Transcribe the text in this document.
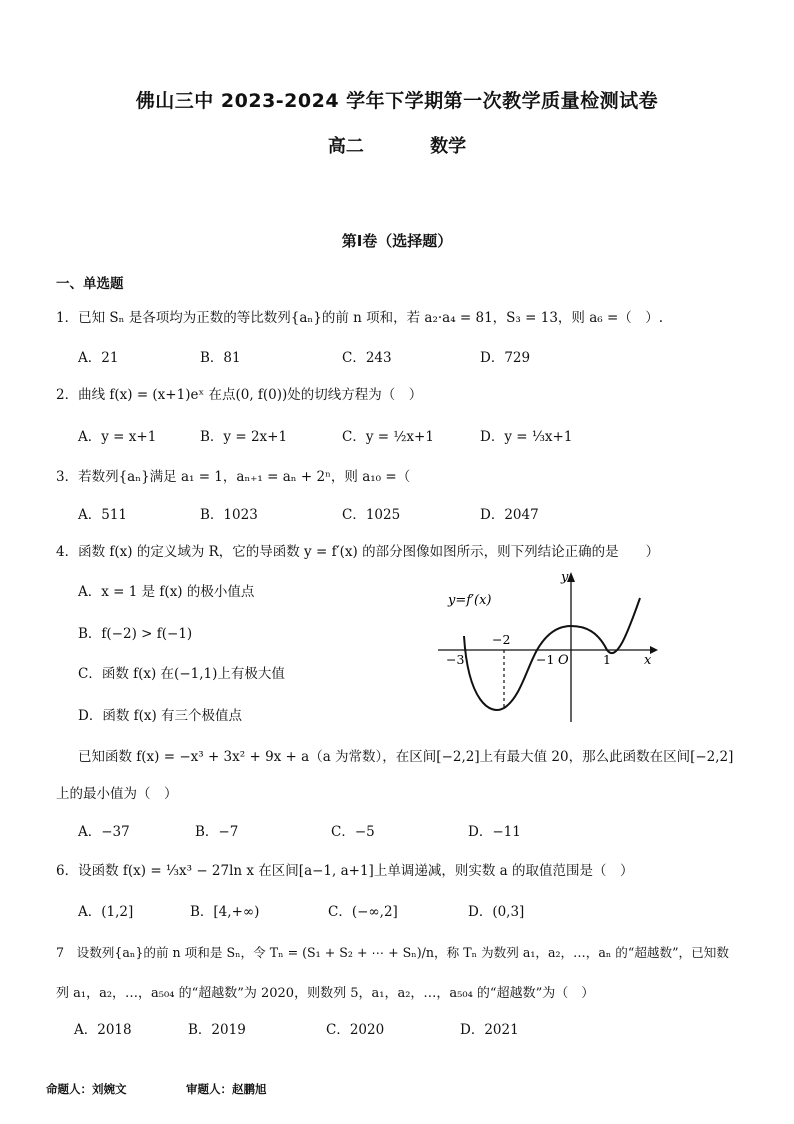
佛山三中 2023-2024 学年下学期第一次教学质量检测试卷
高二	数学
第Ⅰ卷（选择题）
一、单选题
1．已知 Sₙ 是各项均为正数的等比数列{aₙ}的前 n 项和，若 a₂·a₄ = 81，S₃ = 13，则 a₆ =（　）.
A．21	B．81	C．243	D．729
2．曲线 f(x) = (x+1)eˣ 在点(0, f(0))处的切线方程为（　）
A．y = x+1	B．y = 2x+1	C．y = ½x+1	D．y = ⅓x+1
3．若数列{aₙ}满足 a₁ = 1，aₙ₊₁ = aₙ + 2ⁿ，则 a₁₀ =（
A．511	B．1023	C．1025	D．2047
4．函数 f(x) 的定义域为 R，它的导函数 y = f′(x) 的部分图像如图所示，则下列结论正确的是　　）
A．x = 1 是 f(x) 的极小值点
B．f(−2) > f(−1)
C．函数 f(x) 在(−1,1)上有极大值
D．函数 f(x) 有三个极值点
y=f′(x)
y
x
O
−3
−2
−1	1
已知函数 f(x) = −x³ + 3x² + 9x + a（a 为常数），在区间[−2,2]上有最大值 20，那么此函数在区间[−2,2]
上的最小值为（　）
A．−37	B．−7	C．−5	D．−11
6．设函数 f(x) = ⅓x³ − 27ln x 在区间[a−1, a+1]上单调递减，则实数 a 的取值范围是（　）
A．(1,2]	B．[4,+∞)	C．(−∞,2]	D．(0,3]
7　设数列{aₙ}的前 n 项和是 Sₙ，令 Tₙ = (S₁ + S₂ + ⋯ + Sₙ)/n，称 Tₙ 为数列 a₁，a₂，…，aₙ 的“超越数”，已知数
列 a₁，a₂，…，a₅₀₄ 的“超越数”为 2020，则数列 5，a₁，a₂，…，a₅₀₄ 的“超越数”为（　）
A．2018	B．2019	C．2020	D．2021
命题人：刘婉文	审题人：赵鹏旭
